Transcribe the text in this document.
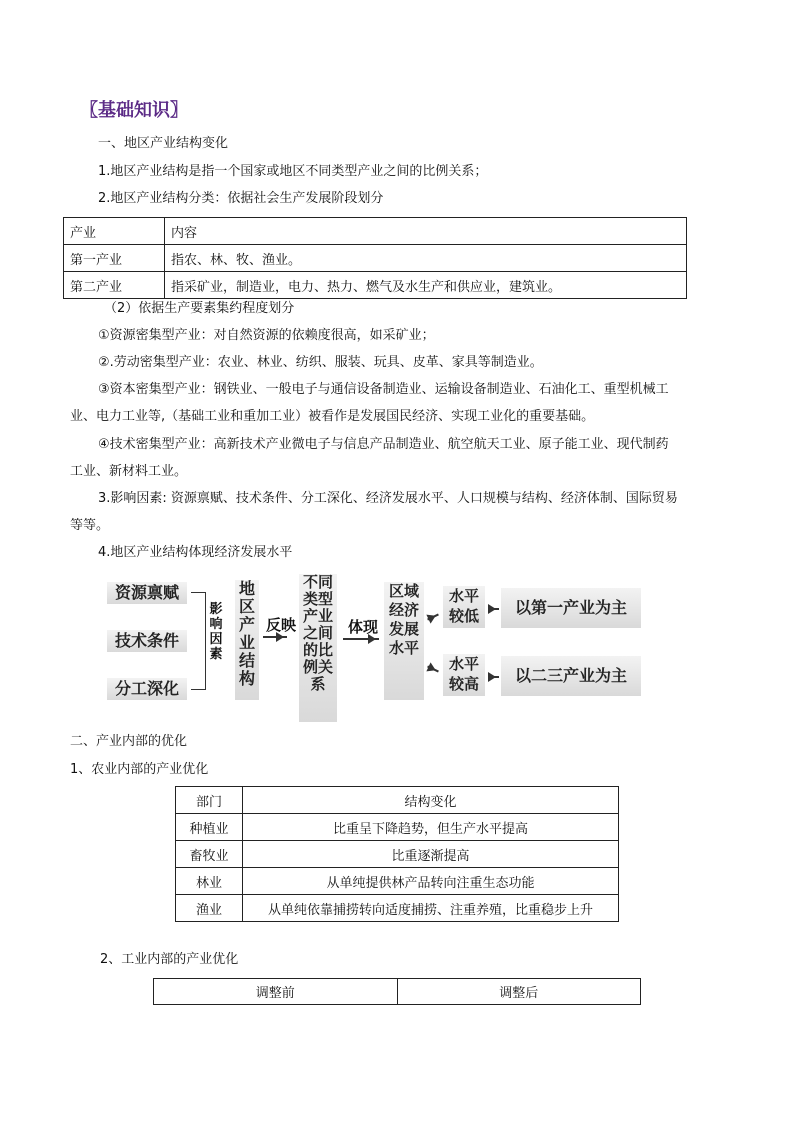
〖基础知识〗
一、地区产业结构变化
1.地区产业结构是指一个国家或地区不同类型产业之间的比例关系；
2.地区产业结构分类：依据社会生产发展阶段划分
产业	内容
第一产业	指农、林、牧、渔业。
第二产业	指采矿业，制造业，电力、热力、燃气及水生产和供应业，建筑业。
（2）依据生产要素集约程度划分
①资源密集型产业：对自然资源的依赖度很高，如采矿业；
②.劳动密集型产业：农业、林业、纺织、服装、玩具、皮革、家具等制造业。
③资本密集型产业：钢铁业、一般电子与通信设备制造业、运输设备制造业、石油化工、重型机械工
业、电力工业等,（基础工业和重加工业）被看作是发展国民经济、实现工业化的重要基础。
④技术密集型产业：高新技术产业微电子与信息产品制造业、航空航天工业、原子能工业、现代制药
工业、新材料工业。
3.影响因素: 资源禀赋、技术条件、分工深化、经济发展水平、人口规模与结构、经济体制、国际贸易
等等。
4.地区产业结构体现经济发展水平
资源禀赋
技术条件
分工深化
影响因素
地区产业结构
反映
不同类型产业之间的比例关系
体现
区域经济发展水平
水平较低
水平较高
以第一产业为主
以二三产业为主
二、产业内部的优化
1、农业内部的产业优化
部门	结构变化
种植业	比重呈下降趋势，但生产水平提高
畜牧业	比重逐渐提高
林业	从单纯提供林产品转向注重生态功能
渔业	从单纯依靠捕捞转向适度捕捞、注重养殖，比重稳步上升
2、工业内部的产业优化
调整前	调整后
